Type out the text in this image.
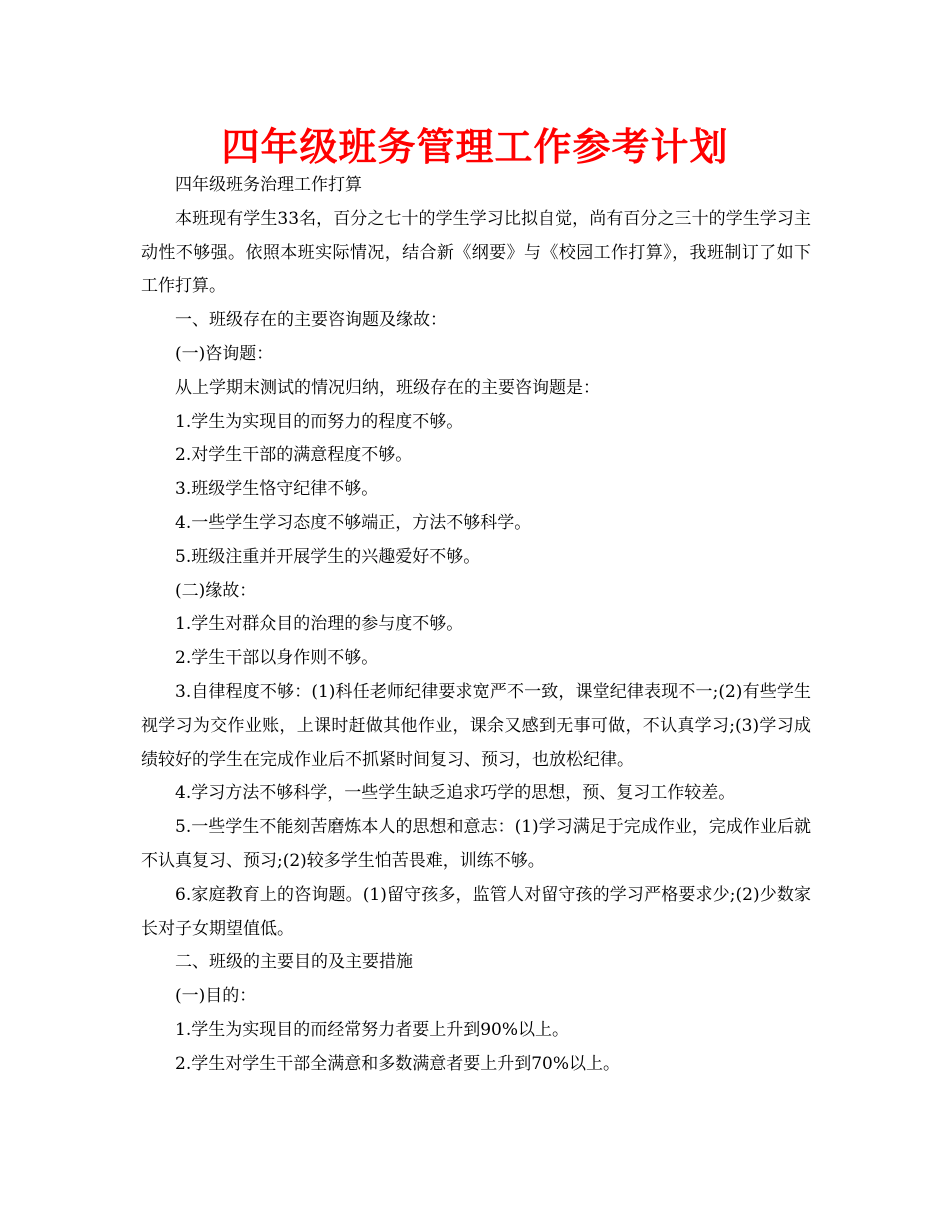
四年级班务管理工作参考计划

四年级班务治理工作打算

本班现有学生33名，百分之七十的学生学习比拟自觉，尚有百分之三十的学生学习主动性不够强。依照本班实际情况，结合新《纲要》与《校园工作打算》，我班制订了如下工作打算。

一、班级存在的主要咨询题及缘故：

(一)咨询题：

从上学期末测试的情况归纳，班级存在的主要咨询题是：

1.学生为实现目的而努力的程度不够。

2.对学生干部的满意程度不够。

3.班级学生恪守纪律不够。

4.一些学生学习态度不够端正，方法不够科学。

5.班级注重并开展学生的兴趣爱好不够。

(二)缘故：

1.学生对群众目的治理的参与度不够。

2.学生干部以身作则不够。

3.自律程度不够：(1)科任老师纪律要求宽严不一致，课堂纪律表现不一;(2)有些学生视学习为交作业账，上课时赶做其他作业，课余又感到无事可做，不认真学习;(3)学习成绩较好的学生在完成作业后不抓紧时间复习、预习，也放松纪律。

4.学习方法不够科学，一些学生缺乏追求巧学的思想，预、复习工作较差。

5.一些学生不能刻苦磨炼本人的思想和意志：(1)学习满足于完成作业，完成作业后就不认真复习、预习;(2)较多学生怕苦畏难，训练不够。

6.家庭教育上的咨询题。(1)留守孩多，监管人对留守孩的学习严格要求少;(2)少数家长对子女期望值低。

二、班级的主要目的及主要措施

(一)目的：

1.学生为实现目的而经常努力者要上升到90%以上。

2.学生对学生干部全满意和多数满意者要上升到70%以上。
